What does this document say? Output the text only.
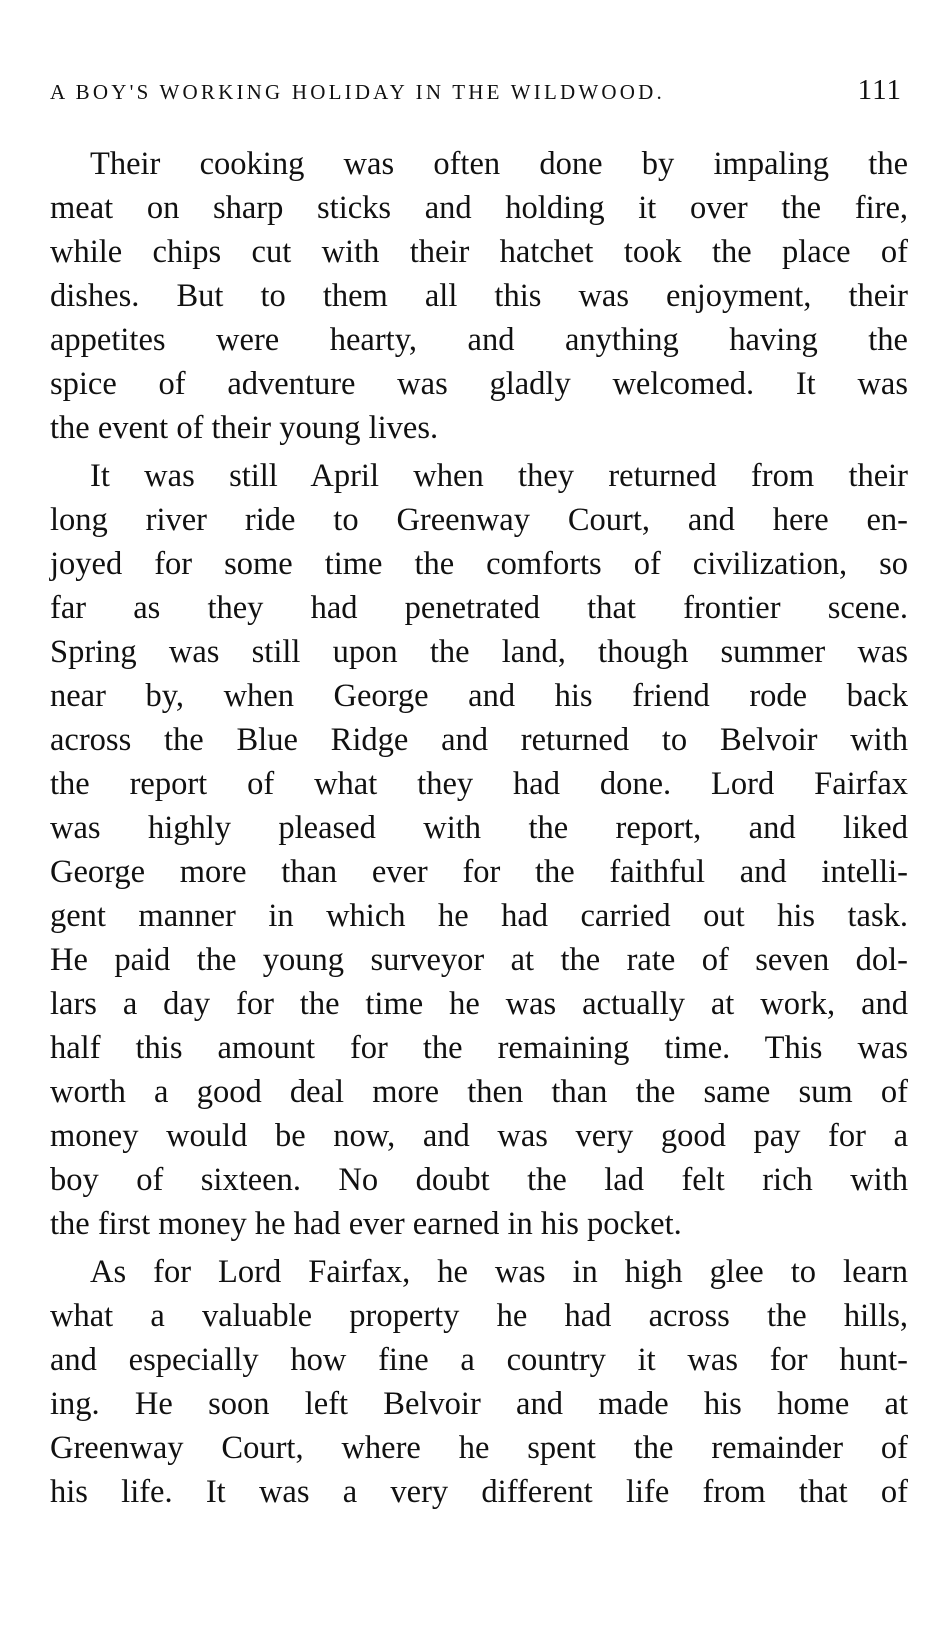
A BOY'S WORKING HOLIDAY IN THE WILDWOOD.	111
Their cooking was often done by impaling the
meat on sharp sticks and holding it over the fire,
while chips cut with their hatchet took the place of
dishes. But to them all this was enjoyment, their
appetites were hearty, and anything having the
spice of adventure was gladly welcomed. It was
the event of their young lives.
It was still April when they returned from their
long river ride to Greenway Court, and here en-
joyed for some time the comforts of civilization, so
far as they had penetrated that frontier scene.
Spring was still upon the land, though summer was
near by, when George and his friend rode back
across the Blue Ridge and returned to Belvoir with
the report of what they had done. Lord Fairfax
was highly pleased with the report, and liked
George more than ever for the faithful and intelli-
gent manner in which he had carried out his task.
He paid the young surveyor at the rate of seven dol-
lars a day for the time he was actually at work, and
half this amount for the remaining time. This was
worth a good deal more then than the same sum of
money would be now, and was very good pay for a
boy of sixteen. No doubt the lad felt rich with
the first money he had ever earned in his pocket.
As for Lord Fairfax, he was in high glee to learn
what a valuable property he had across the hills,
and especially how fine a country it was for hunt-
ing. He soon left Belvoir and made his home at
Greenway Court, where he spent the remainder of
his life. It was a very different life from that of
